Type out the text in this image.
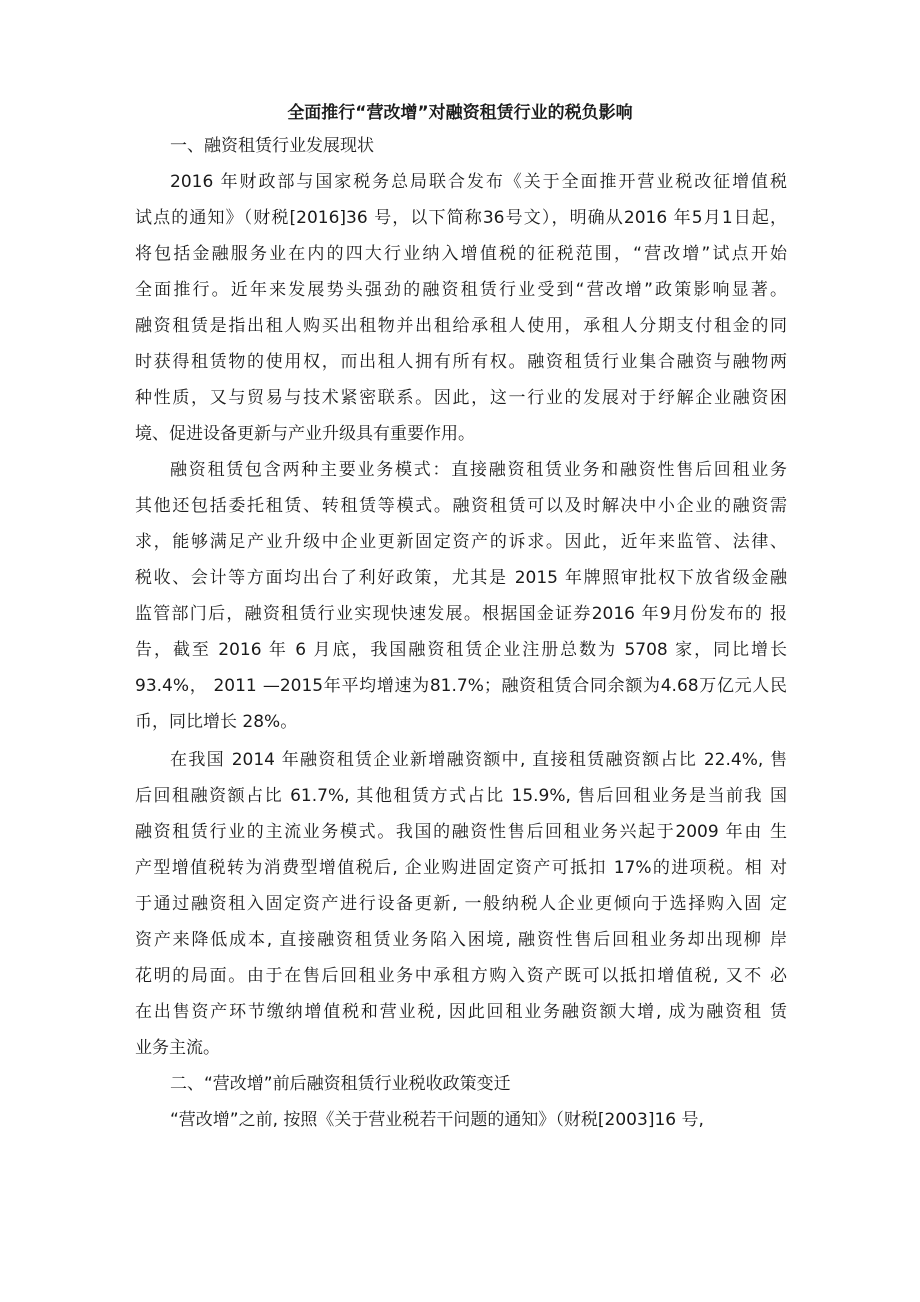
全面推行“营改增”对融资租赁行业的税负影响
一、融资租赁行业发展现状
2016 年财政部与国家税务总局联合发布《关于全面推开营业税改征增值税
试点的通知》（财税[2016]36 号，以下简称36号文），明确从2016 年5月1日起，
将包括金融服务业在内的四大行业纳入增值税的征税范围，“营改增”试点开始
全面推行。近年来发展势头强劲的融资租赁行业受到“营改增”政策影响显著。
融资租赁是指出租人购买出租物并出租给承租人使用，承租人分期支付租金的同
时获得租赁物的使用权，而出租人拥有所有权。融资租赁行业集合融资与融物两
种性质，又与贸易与技术紧密联系。因此，这一行业的发展对于纾解企业融资困
境、促进设备更新与产业升级具有重要作用。
融资租赁包含两种主要业务模式：直接融资租赁业务和融资性售后回租业务
其他还包括委托租赁、转租赁等模式。融资租赁可以及时解决中小企业的融资需
求，能够满足产业升级中企业更新固定资产的诉求。因此，近年来监管、法律、
税收、会计等方面均出台了利好政策，尤其是 2015 年牌照审批权下放省级金融
监管部门后，融资租赁行业实现快速发展。根据国金证券2016 年9月份发布的 报
告，截至 2016 年 6 月底，我国融资租赁企业注册总数为 5708 家，同比增长
93.4%， 2011 —2015年平均增速为81.7%；融资租赁合同余额为4.68万亿元人民
币，同比增长 28%。
在我国 2014 年融资租赁企业新增融资额中, 直接租赁融资额占比 22.4%, 售
后回租融资额占比 61.7%, 其他租赁方式占比 15.9%, 售后回租业务是当前我 国
融资租赁行业的主流业务模式。我国的融资性售后回租业务兴起于2009 年由 生
产型增值税转为消费型增值税后, 企业购进固定资产可抵扣 17%的进项税。相 对
于通过融资租入固定资产进行设备更新, 一般纳税人企业更倾向于选择购入固 定
资产来降低成本, 直接融资租赁业务陷入困境, 融资性售后回租业务却出现柳 岸
花明的局面。由于在售后回租业务中承租方购入资产既可以抵扣增值税, 又不 必
在出售资产环节缴纳增值税和营业税, 因此回租业务融资额大增, 成为融资租 赁
业务主流。
二、“营改增”前后融资租赁行业税收政策变迁
“营改增”之前, 按照《关于营业税若干问题的通知》（财税[2003]16 号,
